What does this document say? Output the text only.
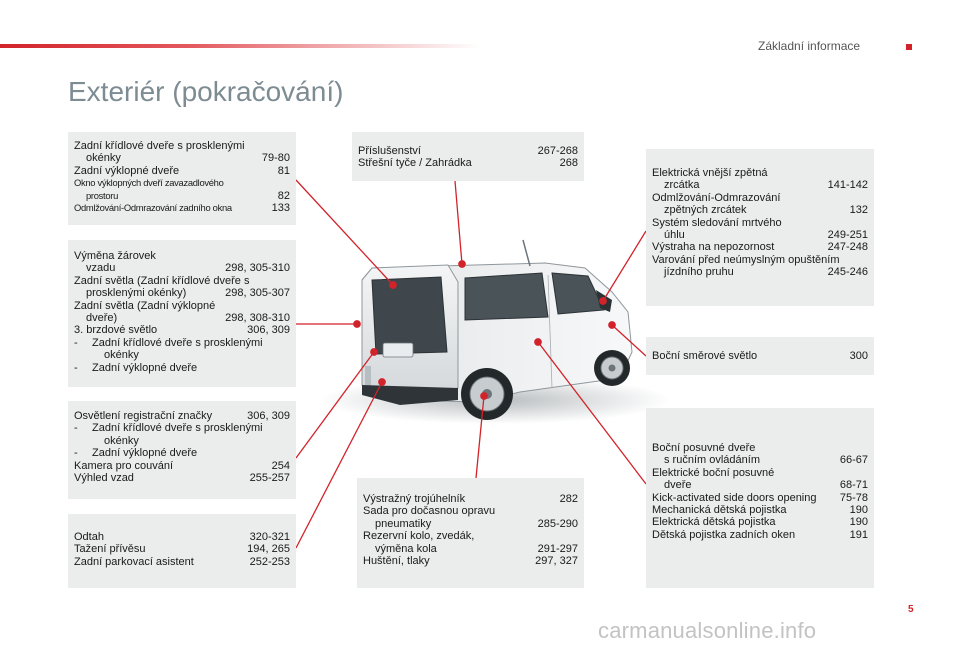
Základní informace
Exteriér (pokračování)
Zadní křídlové dveře s prosklenými
okénky	79-80
Zadní výklopné dveře	81
Okno výklopných dveří zavazadlového
prostoru	82
Odmlžování-Odmrazování zadního okna	133
Výměna žárovek
vzadu	298, 305-310
Zadní světla (Zadní křídlové dveře s
prosklenými okénky)	298, 305-307
Zadní světla (Zadní výklopné
dveře)	298, 308-310
3. brzdové světlo	306, 309
-	Zadní křídlové dveře s prosklenými
okénky
-	Zadní výklopné dveře
Osvětlení registrační značky	306, 309
-	Zadní křídlové dveře s prosklenými
okénky
-	Zadní výklopné dveře
Kamera pro couvání	254
Výhled vzad	255-257
Odtah	320-321
Tažení přívěsu	194, 265
Zadní parkovací asistent	252-253
Příslušenství	267-268
Střešní tyče / Zahrádka	268
Výstražný trojúhelník	282
Sada pro dočasnou opravu
pneumatiky	285-290
Rezervní kolo, zvedák,
výměna kola	291-297
Huštění, tlaky	297, 327
Elektrická vnější zpětná
zrcátka	141-142
Odmlžování-Odmrazování
zpětných zrcátek	132
Systém sledování mrtvého
úhlu	249-251
Výstraha na nepozornost	247-248
Varování před neúmyslným opuštěním
jízdního pruhu	245-246
Boční směrové světlo	300
Boční posuvné dveře
s ručním ovládáním	66-67
Elektrické boční posuvné
dveře	68-71
Kick-activated side doors opening	75-78
Mechanická dětská pojistka	190
Elektrická dětská pojistka	190
Dětská pojistka zadních oken	191
5
carmanualsonline.info
